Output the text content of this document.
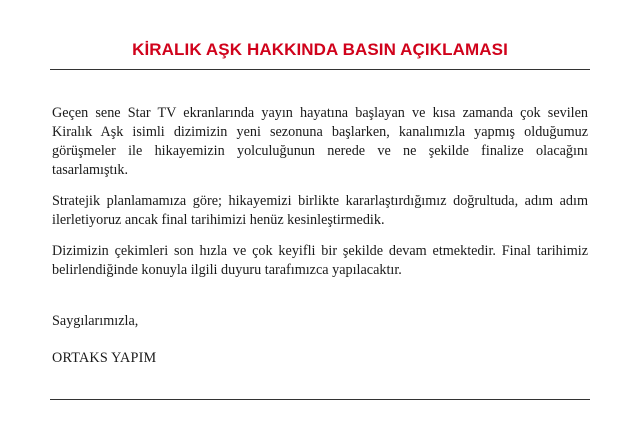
KİRALIK AŞK HAKKINDA BASIN AÇIKLAMASI

Geçen sene Star TV ekranlarında yayın hayatına başlayan ve kısa zamanda çok sevilen Kiralık Aşk isimli dizimizin yeni sezonuna başlarken, kanalımızla yapmış olduğumuz görüşmeler ile hikayemizin yolculuğunun nerede ve ne şekilde finalize olacağını tasarlamıştık.

Stratejik planlamamıza göre; hikayemizi birlikte kararlaştırdığımız doğrultuda, adım adım ilerletiyoruz ancak final tarihimizi henüz kesinleştirmedik.

Dizimizin çekimleri son hızla ve çok keyifli bir şekilde devam etmektedir. Final tarihimiz belirlendiğinde konuyla ilgili duyuru tarafımızca yapılacaktır.

Saygılarımızla,
ORTAKS YAPIM
